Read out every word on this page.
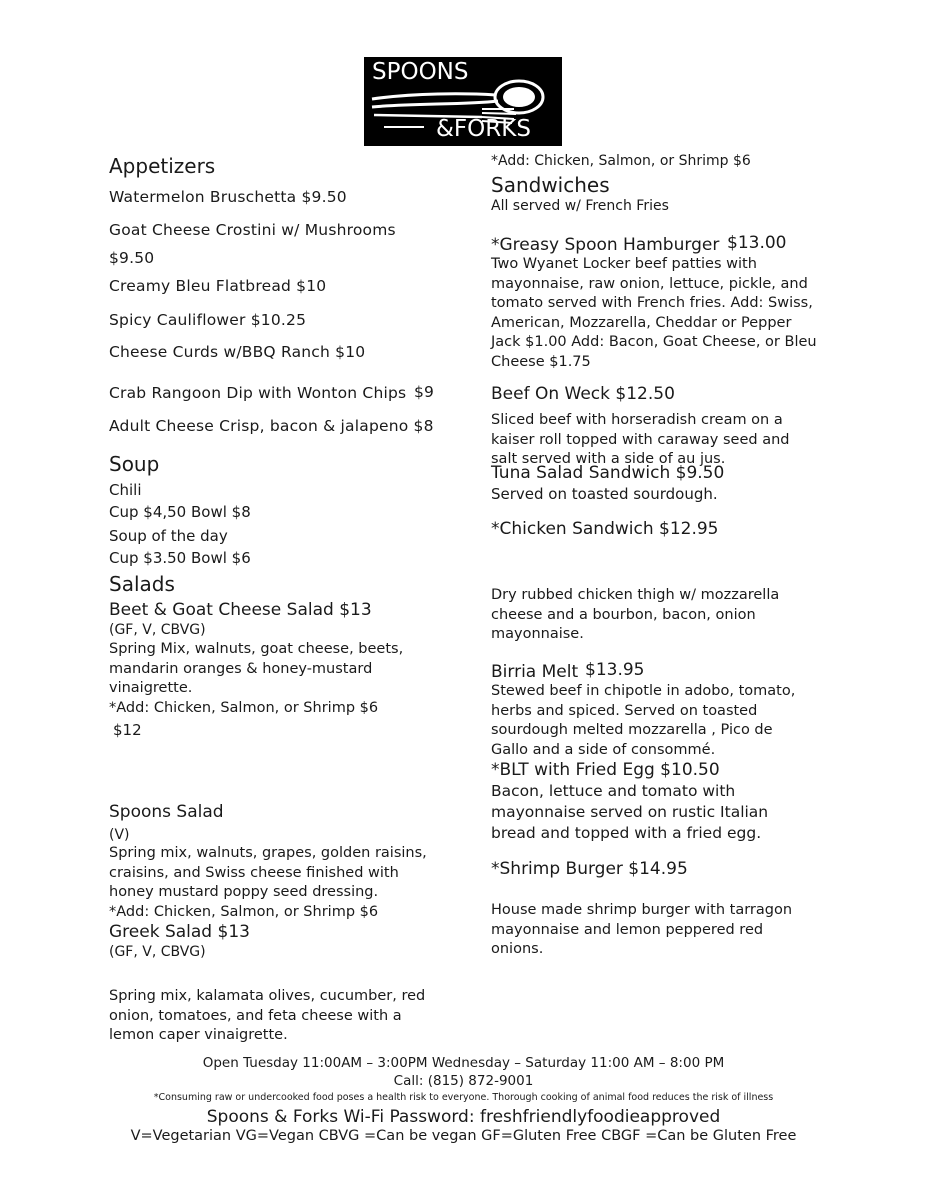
SPOONS
&FORKS
Appetizers
Watermelon Bruschetta $9.50
Goat Cheese Crostini w/ Mushrooms
$9.50
Creamy Bleu Flatbread $10
Spicy Cauliflower $10.25
Cheese Curds w/BBQ Ranch $10
Crab Rangoon Dip with Wonton Chips $9
Adult Cheese Crisp, bacon & jalapeno $8
Soup
Chili
Cup $4,50 Bowl $8
Soup of the day
Cup $3.50 Bowl $6
Salads
Beet & Goat Cheese Salad $13
(GF, V, CBVG)
Spring Mix, walnuts, goat cheese, beets,
mandarin oranges & honey-mustard
vinaigrette.
*Add: Chicken, Salmon, or Shrimp $6
$12
Spoons Salad
(V)
Spring mix, walnuts, grapes, golden raisins,
craisins, and Swiss cheese finished with
honey mustard poppy seed dressing.
*Add: Chicken, Salmon, or Shrimp $6
Greek Salad $13
(GF, V, CBVG)
Spring mix, kalamata olives, cucumber, red
onion, tomatoes, and feta cheese with a
lemon caper vinaigrette.
*Add: Chicken, Salmon, or Shrimp $6
Sandwiches
All served w/ French Fries
*Greasy Spoon Hamburger $13.00
Two Wyanet Locker beef patties with
mayonnaise, raw onion, lettuce, pickle, and
tomato served with French fries. Add: Swiss,
American, Mozzarella, Cheddar or Pepper
Jack $1.00 Add: Bacon, Goat Cheese, or Bleu
Cheese $1.75
Beef On Weck $12.50
Sliced beef with horseradish cream on a
kaiser roll topped with caraway seed and
salt served with a side of au jus.
Tuna Salad Sandwich $9.50
Served on toasted sourdough.
*Chicken Sandwich $12.95
Dry rubbed chicken thigh w/ mozzarella
cheese and a bourbon, bacon, onion
mayonnaise.
Birria Melt $13.95
Stewed beef in chipotle in adobo, tomato,
herbs and spiced. Served on toasted
sourdough melted mozzarella , Pico de
Gallo and a side of consommé.
*BLT with Fried Egg $10.50
Bacon, lettuce and tomato with
mayonnaise served on rustic Italian
bread and topped with a fried egg.
*Shrimp Burger $14.95
House made shrimp burger with tarragon
mayonnaise and lemon peppered red
onions.
Open Tuesday 11:00AM – 3:00PM Wednesday – Saturday 11:00 AM – 8:00 PM
Call: (815) 872-9001
*Consuming raw or undercooked food poses a health risk to everyone. Thorough cooking of animal food reduces the risk of illness
Spoons & Forks Wi-Fi Password: freshfriendlyfoodieapproved
V=Vegetarian VG=Vegan CBVG =Can be vegan GF=Gluten Free CBGF =Can be Gluten Free
